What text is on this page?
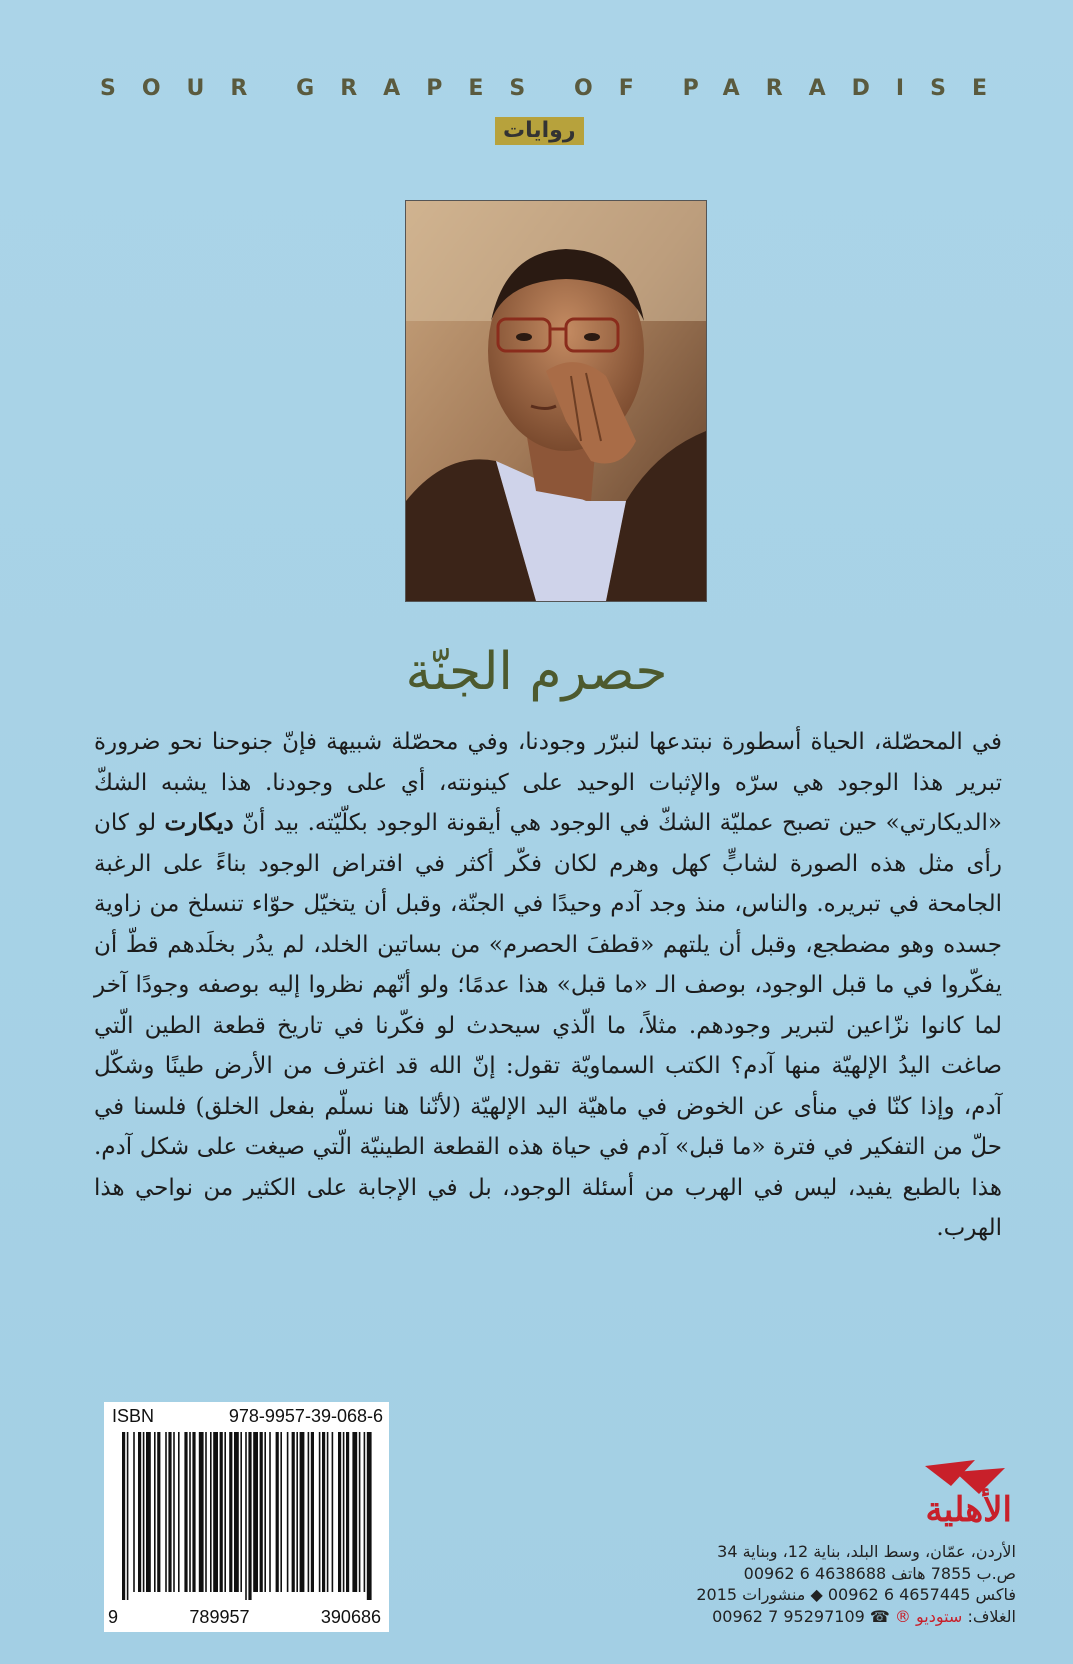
SOUR GRAPES OF PARADISE
روايات
حصرم الجنّة
في المحصّلة، الحياة أسطورة نبتدعها لنبرّر وجودنا، وفي محصّلة شبيهة فإنّ جنوحنا نحو ضرورة تبرير هذا الوجود هي سرّه والإثبات الوحيد على كينونته، أي على وجودنا. هذا يشبه الشكّ «الديكارتي» حين تصبح عمليّة الشكّ في الوجود هي أيقونة الوجود بكلّيّته. بيد أنّ ديكارت لو كان رأى مثل هذه الصورة لشابٍّ كهل وهرم لكان فكّر أكثر في افتراض الوجود بناءً على الرغبة الجامحة في تبريره. والناس، منذ وجد آدم وحيدًا في الجنّة، وقبل أن يتخيّل حوّاء تنسلخ من زاوية جسده وهو مضطجع، وقبل أن يلتهم «قطفَ الحصرم» من بساتين الخلد، لم يدُر بخلَدهم قطّ أن يفكّروا في ما قبل الوجود، بوصف الـ «ما قبل» هذا عدمًا؛ ولو أنّهم نظروا إليه بوصفه وجودًا آخر لما كانوا نزّاعين لتبرير وجودهم. مثلاً، ما الّذي سيحدث لو فكّرنا في تاريخ قطعة الطين الّتي صاغت اليدُ الإلهيّة منها آدم؟ الكتب السماويّة تقول: إنّ الله قد اغترف من الأرض طينًا وشكّل آدم، وإذا كنّا في منأى عن الخوض في ماهيّة اليد الإلهيّة (لأنّنا هنا نسلّم بفعل الخلق) فلسنا في حلّ من التفكير في فترة «ما قبل» آدم في حياة هذه القطعة الطينيّة الّتي صيغت على شكل آدم. هذا بالطبع يفيد، ليس في الهرب من أسئلة الوجود، بل في الإجابة على الكثير من نواحي هذا الهرب.
ISBN	978-9957-39-068-6
9	789957	390686
الأهلية
الأردن، عمّان، وسط البلد، بناية 12، وبناية 34
ص.ب 7855 هاتف 4638688 6 00962
فاكس 4657445 6 00962 ◆ منشورات 2015
الغلاف: ستوديو ® ☎ 95297109 7 00962
